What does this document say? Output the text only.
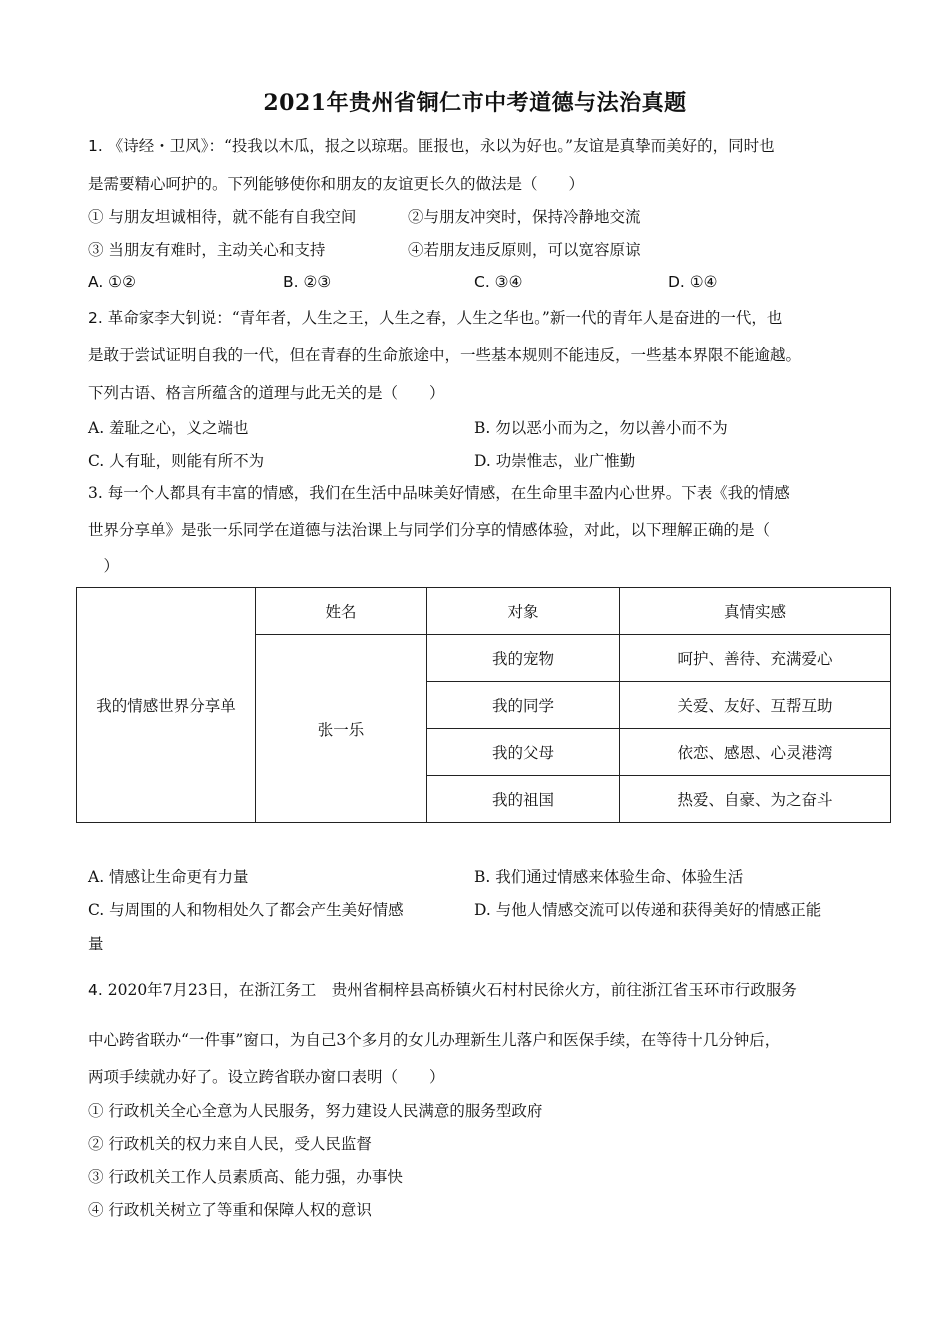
2021年贵州省铜仁市中考道德与法治真题
1. 《诗经・卫风》：“投我以木瓜，报之以琼琚。匪报也，永以为好也。”友谊是真挚而美好的，同时也
是需要精心呵护的。下列能够使你和朋友的友谊更长久的做法是（　　）
① 与朋友坦诚相待，就不能有自我空间	②与朋友冲突时，保持冷静地交流
③ 当朋友有难时，主动关心和支持	④若朋友违反原则，可以宽容原谅
A. ①②	B. ②③	C. ③④	D. ①④
2. 革命家李大钊说：“青年者，人生之王，人生之春，人生之华也。”新一代的青年人是奋进的一代，也
是敢于尝试证明自我的一代，但在青春的生命旅途中，一些基本规则不能违反，一些基本界限不能逾越。
下列古语、格言所蕴含的道理与此无关的是（　　）
A. 羞耻之心，义之端也	B. 勿以恶小而为之，勿以善小而不为
C. 人有耻，则能有所不为	D. 功崇惟志，业广惟勤
3. 每一个人都具有丰富的情感，我们在生活中品味美好情感，在生命里丰盈内心世界。下表《我的情感
世界分享单》是张一乐同学在道德与法治课上与同学们分享的情感体验，对此，以下理解正确的是（
　）
我的情感世界分享单	姓名	对象	真情实感
	张一乐	我的宠物	呵护、善待、充满爱心
		我的同学	关爱、友好、互帮互助
		我的父母	依恋、感恩、心灵港湾
		我的祖国	热爱、自豪、为之奋斗
A. 情感让生命更有力量	B. 我们通过情感来体验生命、体验生活
C. 与周围的人和物相处久了都会产生美好情感	D. 与他人情感交流可以传递和获得美好的情感正能
量
4. 2020年7月23日，在浙江务工　贵州省桐梓县高桥镇火石村村民徐火方，前往浙江省玉环市行政服务
中心跨省联办“一件事”窗口，为自己3个多月的女儿办理新生儿落户和医保手续，在等待十几分钟后，
两项手续就办好了。设立跨省联办窗口表明（　　）
① 行政机关全心全意为人民服务，努力建设人民满意的服务型政府
② 行政机关的权力来自人民，受人民监督
③ 行政机关工作人员素质高、能力强，办事快
④ 行政机关树立了等重和保障人权的意识
